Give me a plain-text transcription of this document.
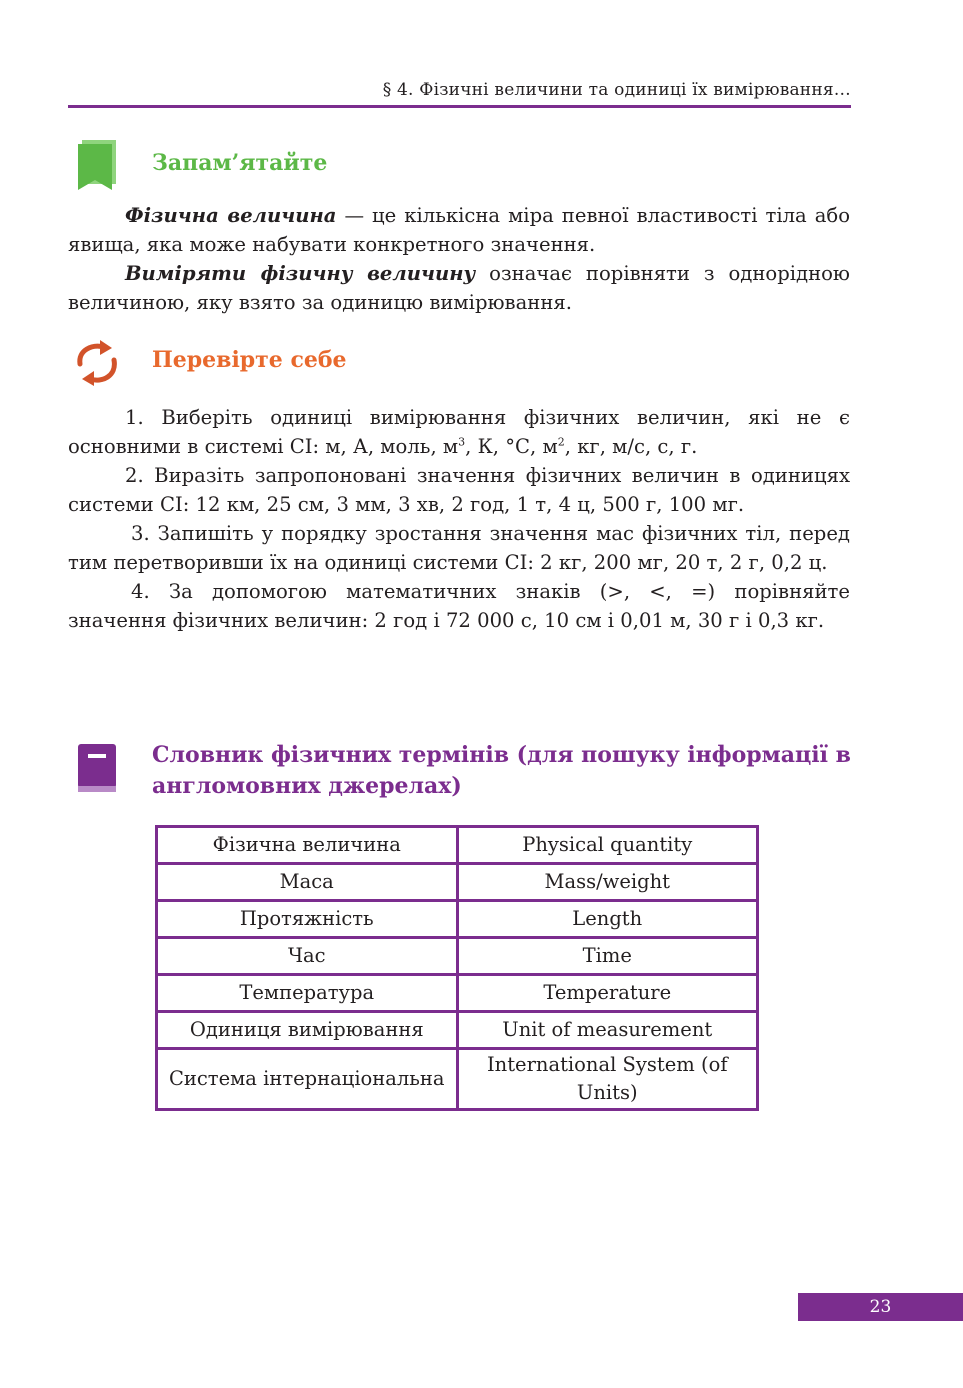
§ 4. Фізичні величини та одиниці їх вимірювання…
Запам’ятайте

Фізична величина — це кількісна міра певної властивості тіла або явища, яка може набувати конкретного значення.

Виміряти фізичну величину означає порівняти з однорідною величиною, яку взято за одиницю вимірювання.

Перевірте себе

1. Виберіть одиниці вимірювання фізичних величин, які не є основними в системі СІ: м, А, моль, $м^3$, К, °С, $м^2$, кг, м/с, с, г.

2. Виразіть запропоновані значення фізичних величин в одиницях системи СІ: 12 км, 25 см, 3 мм, 3 хв, 2 год, 1 т, 4 ц, 500 г, 100 мг.

3. Запишіть у порядку зростання значення мас фізичних тіл, перед тим перетворивши їх на одиниці системи СІ: 2 кг, 200 мг, 20 т, 2 г, 0,2 ц.

4. За допомогою математичних знаків (>, <, =) порівняйте значення фізичних величин: 2 год і 72 000 с, 10 см і 0,01 м, 30 г і 0,3 кг.

Словник фізичних термінів (для пошуку інформації в англомовних джерелах)
Фізична величина	Physical quantity
Маса	Mass/weight
Протяжність	Length
Час	Time
Температура	Temperature
Одиниця вимірювання	Unit of measurement
Система інтернаціональна	International System (of Units)
23
